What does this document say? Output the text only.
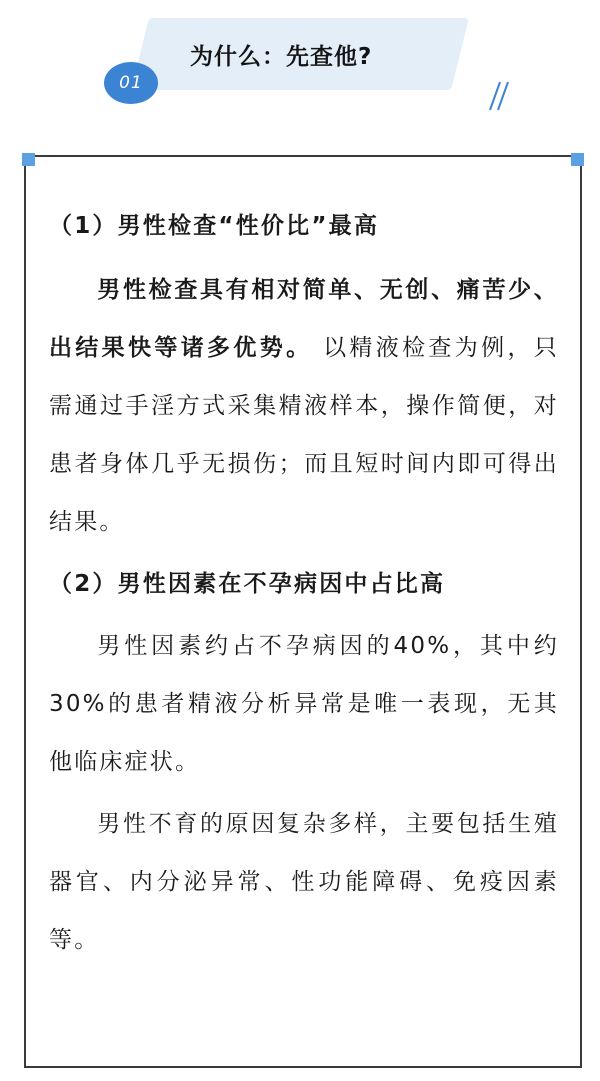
01
为什么：先查他?

（1）男性检查“性价比”最高

男性检查具有相对简单、无创、痛苦少、出结果快等诸多优势。 以精液检查为例，只需通过手淫方式采集精液样本，操作简便，对患者身体几乎无损伤；而且短时间内即可得出结果。

（2）男性因素在不孕病因中占比高

男性因素约占不孕病因的40%，其中约30%的患者精液分析异常是唯一表现，无其他临床症状。

男性不育的原因复杂多样，主要包括生殖器官、内分泌异常、性功能障碍、免疫因素等。
